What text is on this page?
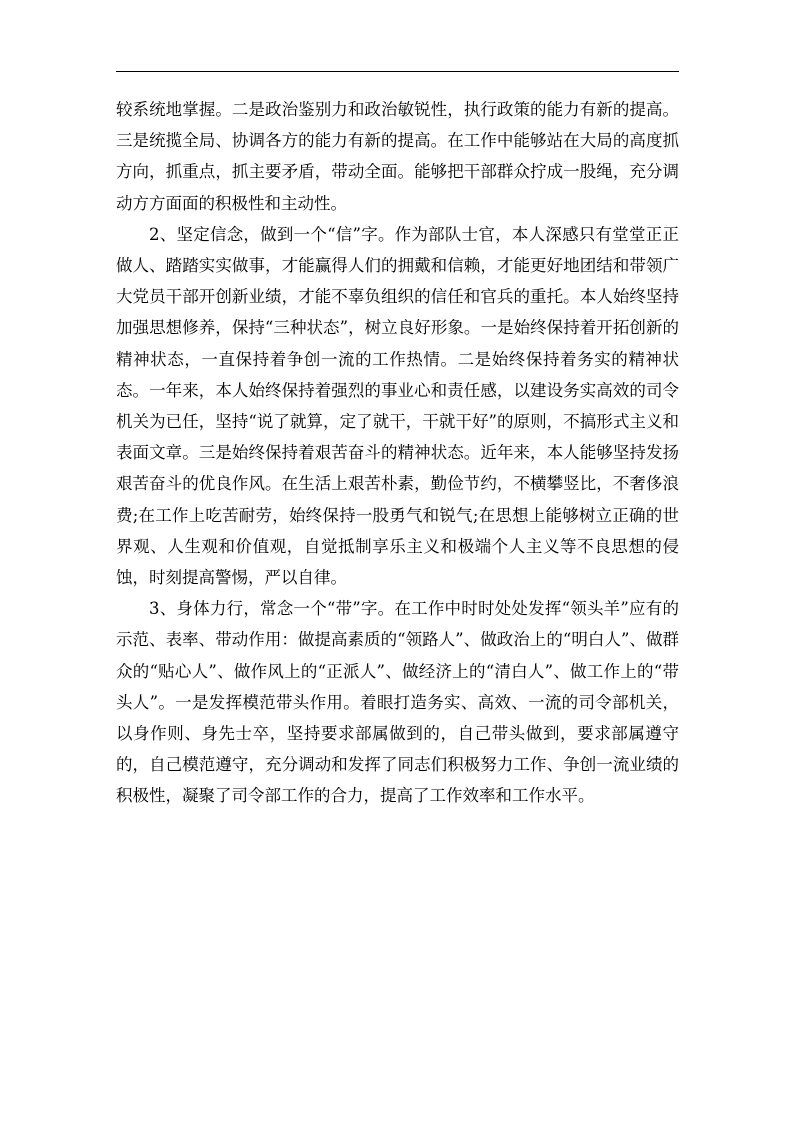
较系统地掌握。二是政治鉴别力和政治敏锐性，执行政策的能力有新的提高。三是统揽全局、协调各方的能力有新的提高。在工作中能够站在大局的高度抓方向，抓重点，抓主要矛盾，带动全面。能够把干部群众拧成一股绳，充分调动方方面面的积极性和主动性。

2、坚定信念，做到一个“信”字。作为部队士官，本人深感只有堂堂正正做人、踏踏实实做事，才能赢得人们的拥戴和信赖，才能更好地团结和带领广大党员干部开创新业绩，才能不辜负组织的信任和官兵的重托。本人始终坚持加强思想修养，保持“三种状态”，树立良好形象。一是始终保持着开拓创新的精神状态，一直保持着争创一流的工作热情。二是始终保持着务实的精神状态。一年来，本人始终保持着强烈的事业心和责任感，以建设务实高效的司令机关为已任，坚持“说了就算，定了就干，干就干好”的原则，不搞形式主义和表面文章。三是始终保持着艰苦奋斗的精神状态。近年来，本人能够坚持发扬艰苦奋斗的优良作风。在生活上艰苦朴素，勤俭节约，不横攀竖比，不奢侈浪费;在工作上吃苦耐劳，始终保持一股勇气和锐气;在思想上能够树立正确的世界观、人生观和价值观，自觉抵制享乐主义和极端个人主义等不良思想的侵蚀，时刻提高警惕，严以自律。

3、身体力行，常念一个“带”字。在工作中时时处处发挥“领头羊”应有的示范、表率、带动作用：做提高素质的“领路人”、做政治上的“明白人”、做群众的“贴心人”、做作风上的“正派人”、做经济上的“清白人”、做工作上的“带头人”。一是发挥模范带头作用。着眼打造务实、高效、一流的司令部机关，以身作则、身先士卒，坚持要求部属做到的，自己带头做到，要求部属遵守的，自己模范遵守，充分调动和发挥了同志们积极努力工作、争创一流业绩的积极性，凝聚了司令部工作的合力，提高了工作效率和工作水平。
